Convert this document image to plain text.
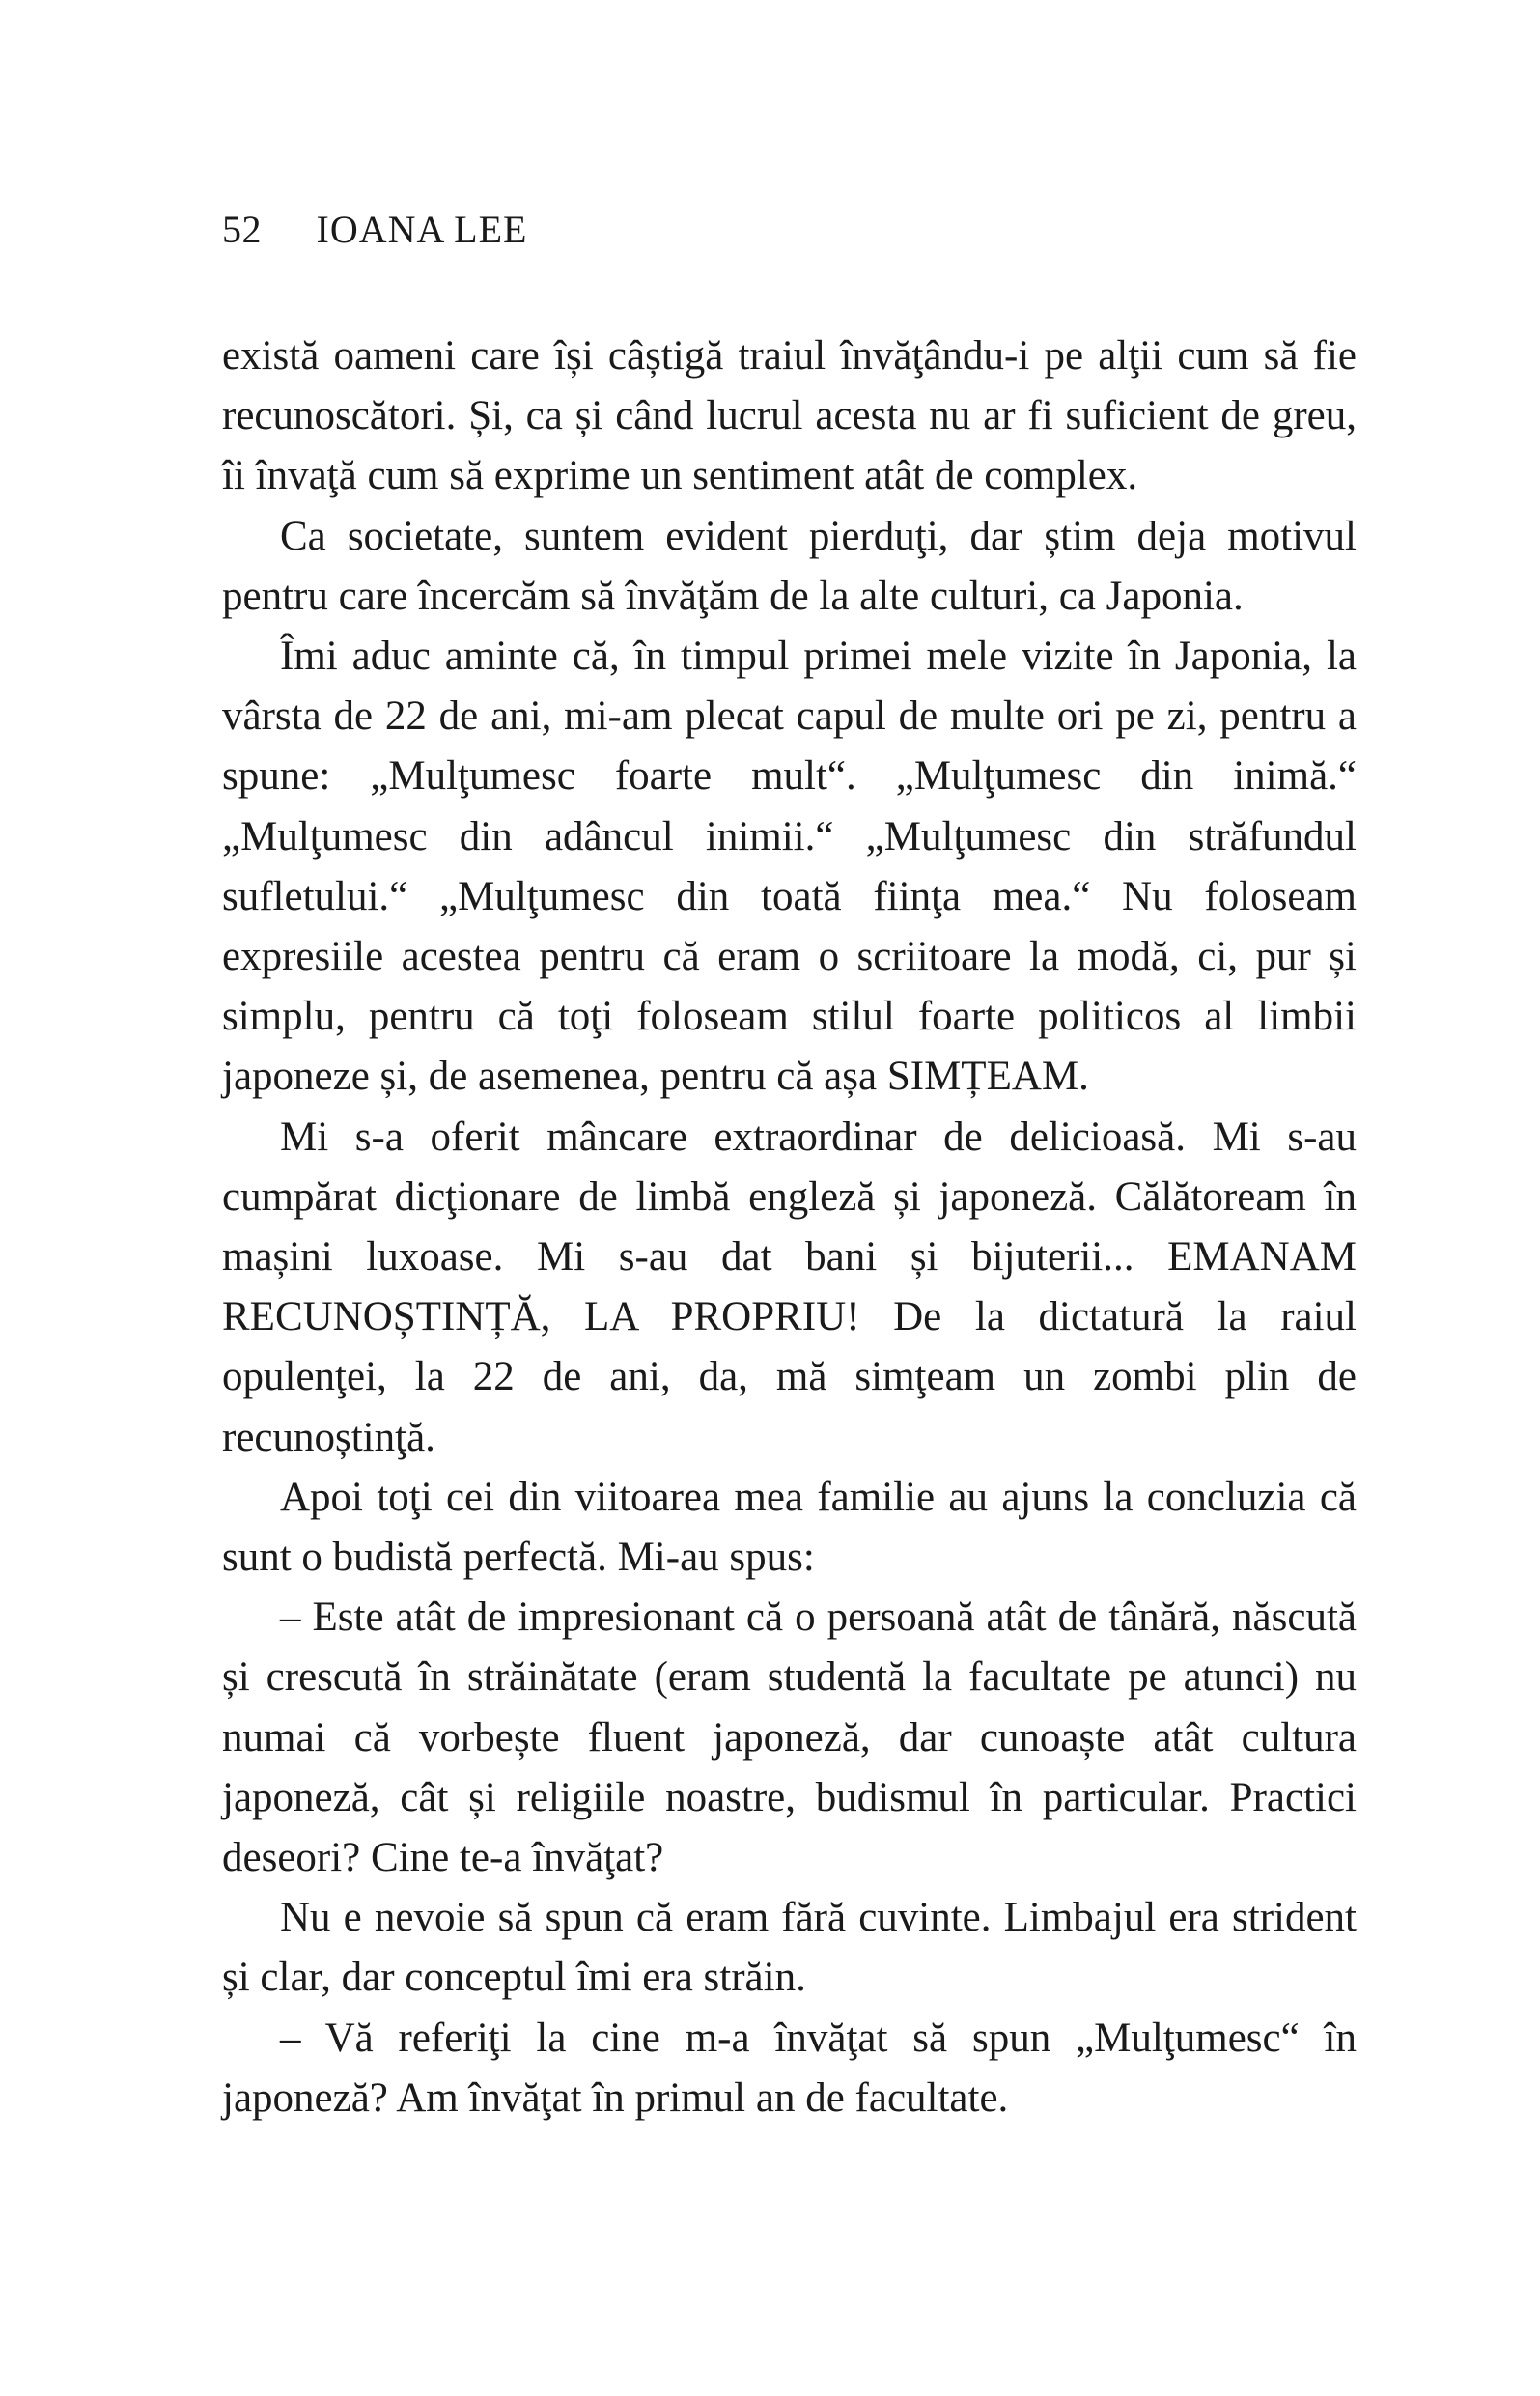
52 IOANA LEE

există oameni care își câștigă traiul învăţându-i pe alţii cum să fie recunoscători. Și, ca și când lucrul acesta nu ar fi suficient de greu, îi învaţă cum să exprime un sentiment atât de complex.

Ca societate, suntem evident pierduţi, dar știm deja motivul pentru care încercăm să învăţăm de la alte culturi, ca Japonia.

Îmi aduc aminte că, în timpul primei mele vizite în Japonia, la vârsta de 22 de ani, mi-am plecat capul de multe ori pe zi, pentru a spune: „Mulţumesc foarte mult“. „Mulţumesc din inimă.“ „Mulţumesc din adâncul inimii.“ „Mulţumesc din străfundul sufletului.“ „Mulţumesc din toată fiinţa mea.“ Nu foloseam expresiile acestea pentru că eram o scriitoare la modă, ci, pur și simplu, pentru că toţi foloseam stilul foarte politicos al limbii japoneze și, de asemenea, pentru că așa SIMȚEAM.

Mi s-a oferit mâncare extraordinar de delicioasă. Mi s-au cumpărat dicţionare de limbă engleză și japoneză. Călătoream în mașini luxoase. Mi s-au dat bani și bijuterii... EMANAM RECUNOȘTINȚĂ, LA PROPRIU! De la dictatură la raiul opulenţei, la 22 de ani, da, mă simţeam un zombi plin de recunoștinţă.

Apoi toţi cei din viitoarea mea familie au ajuns la concluzia că sunt o budistă perfectă. Mi-au spus:

– Este atât de impresionant că o persoană atât de tânără, născută și crescută în străinătate (eram studentă la facultate pe atunci) nu numai că vorbește fluent japoneză, dar cunoaște atât cultura japoneză, cât și religiile noastre, budismul în particular. Practici deseori? Cine te-a învăţat?

Nu e nevoie să spun că eram fără cuvinte. Limbajul era strident și clar, dar conceptul îmi era străin.

– Vă referiţi la cine m-a învăţat să spun „Mulţumesc“ în japoneză? Am învăţat în primul an de facultate.
